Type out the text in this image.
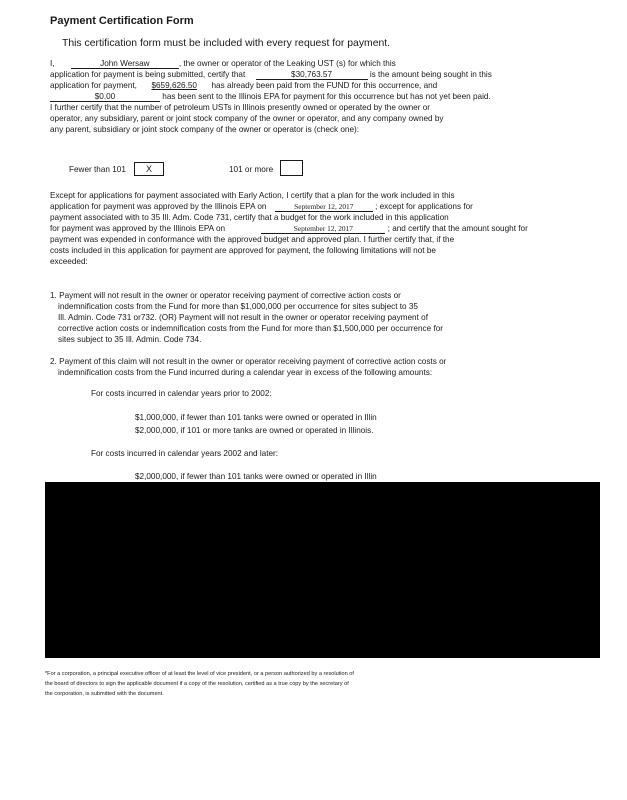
Payment Certification Form
This certification form must be included with every request for payment.
I,	John Wersaw	, the owner or operator of the Leaking UST (s) for which this
application for payment is being submitted, certify that	$30,763.57	is the amount being sought in this
application for payment, $659,626.50 has already been paid from the FUND for this occurrence, and
$0.00	has been sent to the Illinois EPA for payment for this occurrence but has not yet been paid.
I further certify that the number of petroleum USTs in Illinois presently owned or operated by the owner or
operator, any subsidiary, parent or joint stock company of the owner or operator, and any company owned by
any parent, subsidiary or joint stock company of the owner or operator is (check one):
Fewer than 101	X	101 or more
Except for applications for payment associated with Early Action, I certify that a plan for the work included in this
application for payment was approved by the Illinois EPA on	September 12, 2017	; except for applications for
payment associated with to 35 Ill. Adm. Code 731, certify that a budget for the work included in this application
for payment was approved by the Illinois EPA on	September 12, 2017	; and certify that the amount sought for
payment was expended in conformance with the approved budget and approved plan. I further certify that, if the
costs included in this application for payment are approved for payment, the following limitations will not be
exceeded:
1. Payment will not result in the owner or operator receiving payment of corrective action costs or
indemnification costs from the Fund for more than $1,000,000 per occurrence for sites subject to 35
Ill. Admin. Code 731 or732. (OR) Payment will not result in the owner or operator receiving payment of
corrective action costs or indemnification costs from the Fund for more than $1,500,000 per occurrence for
sites subject to 35 Ill. Admin. Code 734.
2. Payment of this claim will not result in the owner or operator receiving payment of corrective action costs or
indemnification costs from the Fund incurred during a calendar year in excess of the following amounts:
For costs incurred in calendar years prior to 2002:
$1,000,000, if fewer than 101 tanks were owned or operated in Illin
$2,000,000, if 101 or more tanks are owned or operated in Illinois.
For costs incurred in calendar years 2002 and later:
$2,000,000, if fewer than 101 tanks were owned or operated in Illin
*For a corporation, a principal executive officer of at least the level of vice president, or a person authorized by a resolution of
the board of directors to sign the applicable document if a copy of the resolution, certified as a true copy by the secretary of
the corporation, is submitted with the document.
